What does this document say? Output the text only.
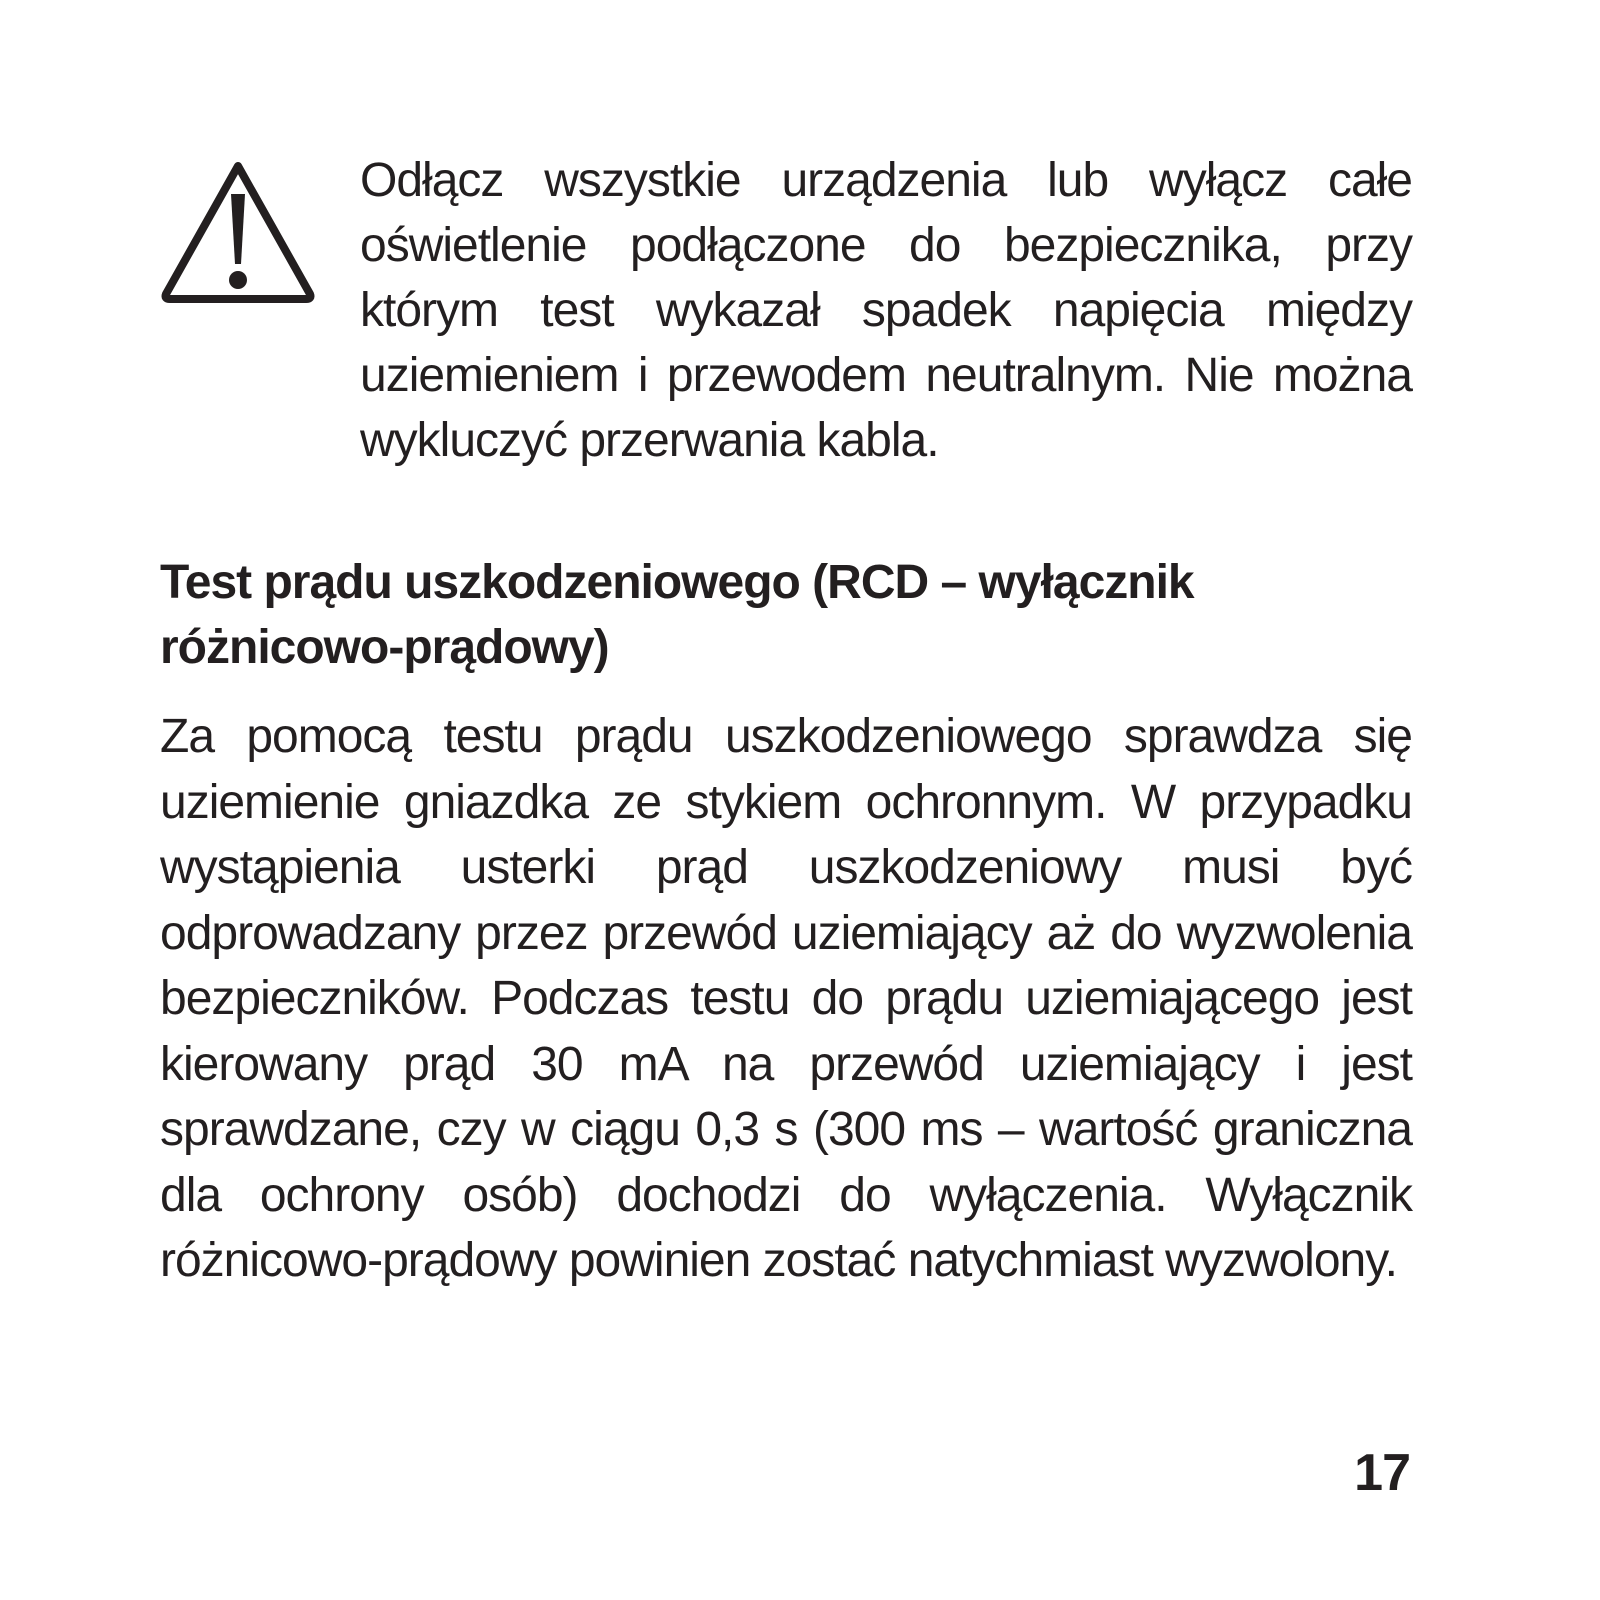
Odłącz wszystkie urządzenia lub wyłącz całe oświetlenie podłączone do bezpiecznika, przy którym test wykazał spadek napięcia między uziemieniem i przewodem neutralnym. Nie można wykluczyć przerwania kabla.

Test prądu uszkodzeniowego (RCD – wyłącznik różnicowo-prądowy)

Za pomocą testu prądu uszkodzeniowego sprawdza się uziemienie gniazdka ze stykiem ochronnym. W przypadku wystąpienia usterki prąd uszkodzeniowy musi być odprowadzany przez przewód uziemiający aż do wyzwolenia bezpieczników. Podczas testu do prądu uziemiającego jest kierowany prąd 30 mA na przewód uziemiający i jest sprawdzane, czy w ciągu 0,3 s (300 ms – wartość graniczna dla ochrony osób) dochodzi do wyłączenia. Wyłącznik różnicowo-prądowy powinien zostać natychmiast wyzwolony.

17
